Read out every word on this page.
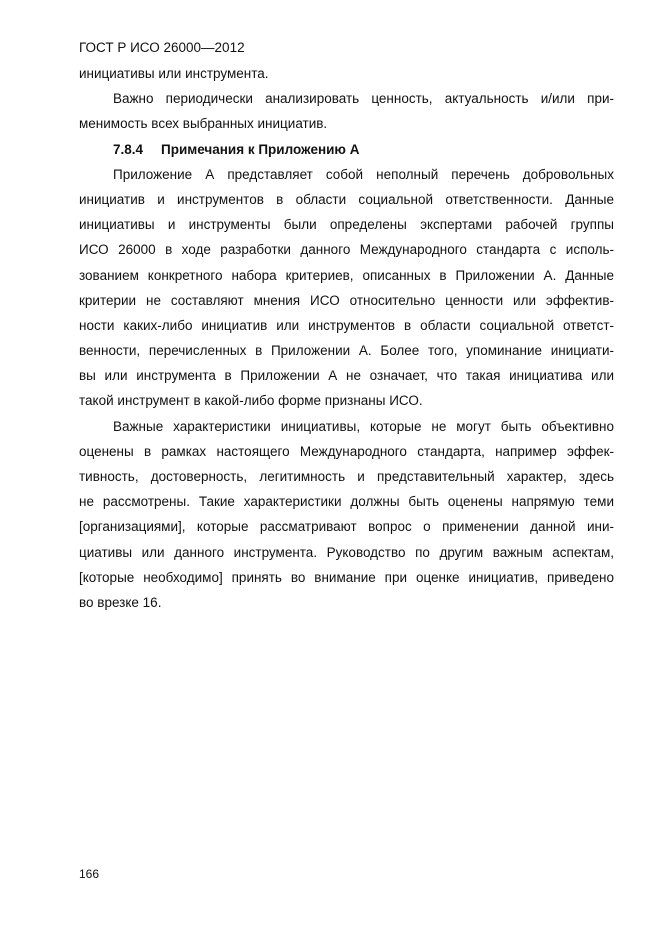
ГОСТ Р ИСО 26000—2012
инициативы или инструмента.
Важно периодически анализировать ценность, актуальность и/или при-
менимость всех выбранных инициатив.
7.8.4 Примечания к Приложению А
Приложение А представляет собой неполный перечень добровольных
инициатив и инструментов в области социальной ответственности. Данные
инициативы и инструменты были определены экспертами рабочей группы
ИСО 26000 в ходе разработки данного Международного стандарта с исполь-
зованием конкретного набора критериев, описанных в Приложении А. Данные
критерии не составляют мнения ИСО относительно ценности или эффектив-
ности каких-либо инициатив или инструментов в области социальной ответст-
венности, перечисленных в Приложении А. Более того, упоминание инициати-
вы или инструмента в Приложении А не означает, что такая инициатива или
такой инструмент в какой-либо форме признаны ИСО.
Важные характеристики инициативы, которые не могут быть объективно
оценены в рамках настоящего Международного стандарта, например эффек-
тивность, достоверность, легитимность и представительный характер, здесь
не рассмотрены. Такие характеристики должны быть оценены напрямую теми
[организациями], которые рассматривают вопрос о применении данной ини-
циативы или данного инструмента. Руководство по другим важным аспектам,
[которые необходимо] принять во внимание при оценке инициатив, приведено
во врезке 16.
166
